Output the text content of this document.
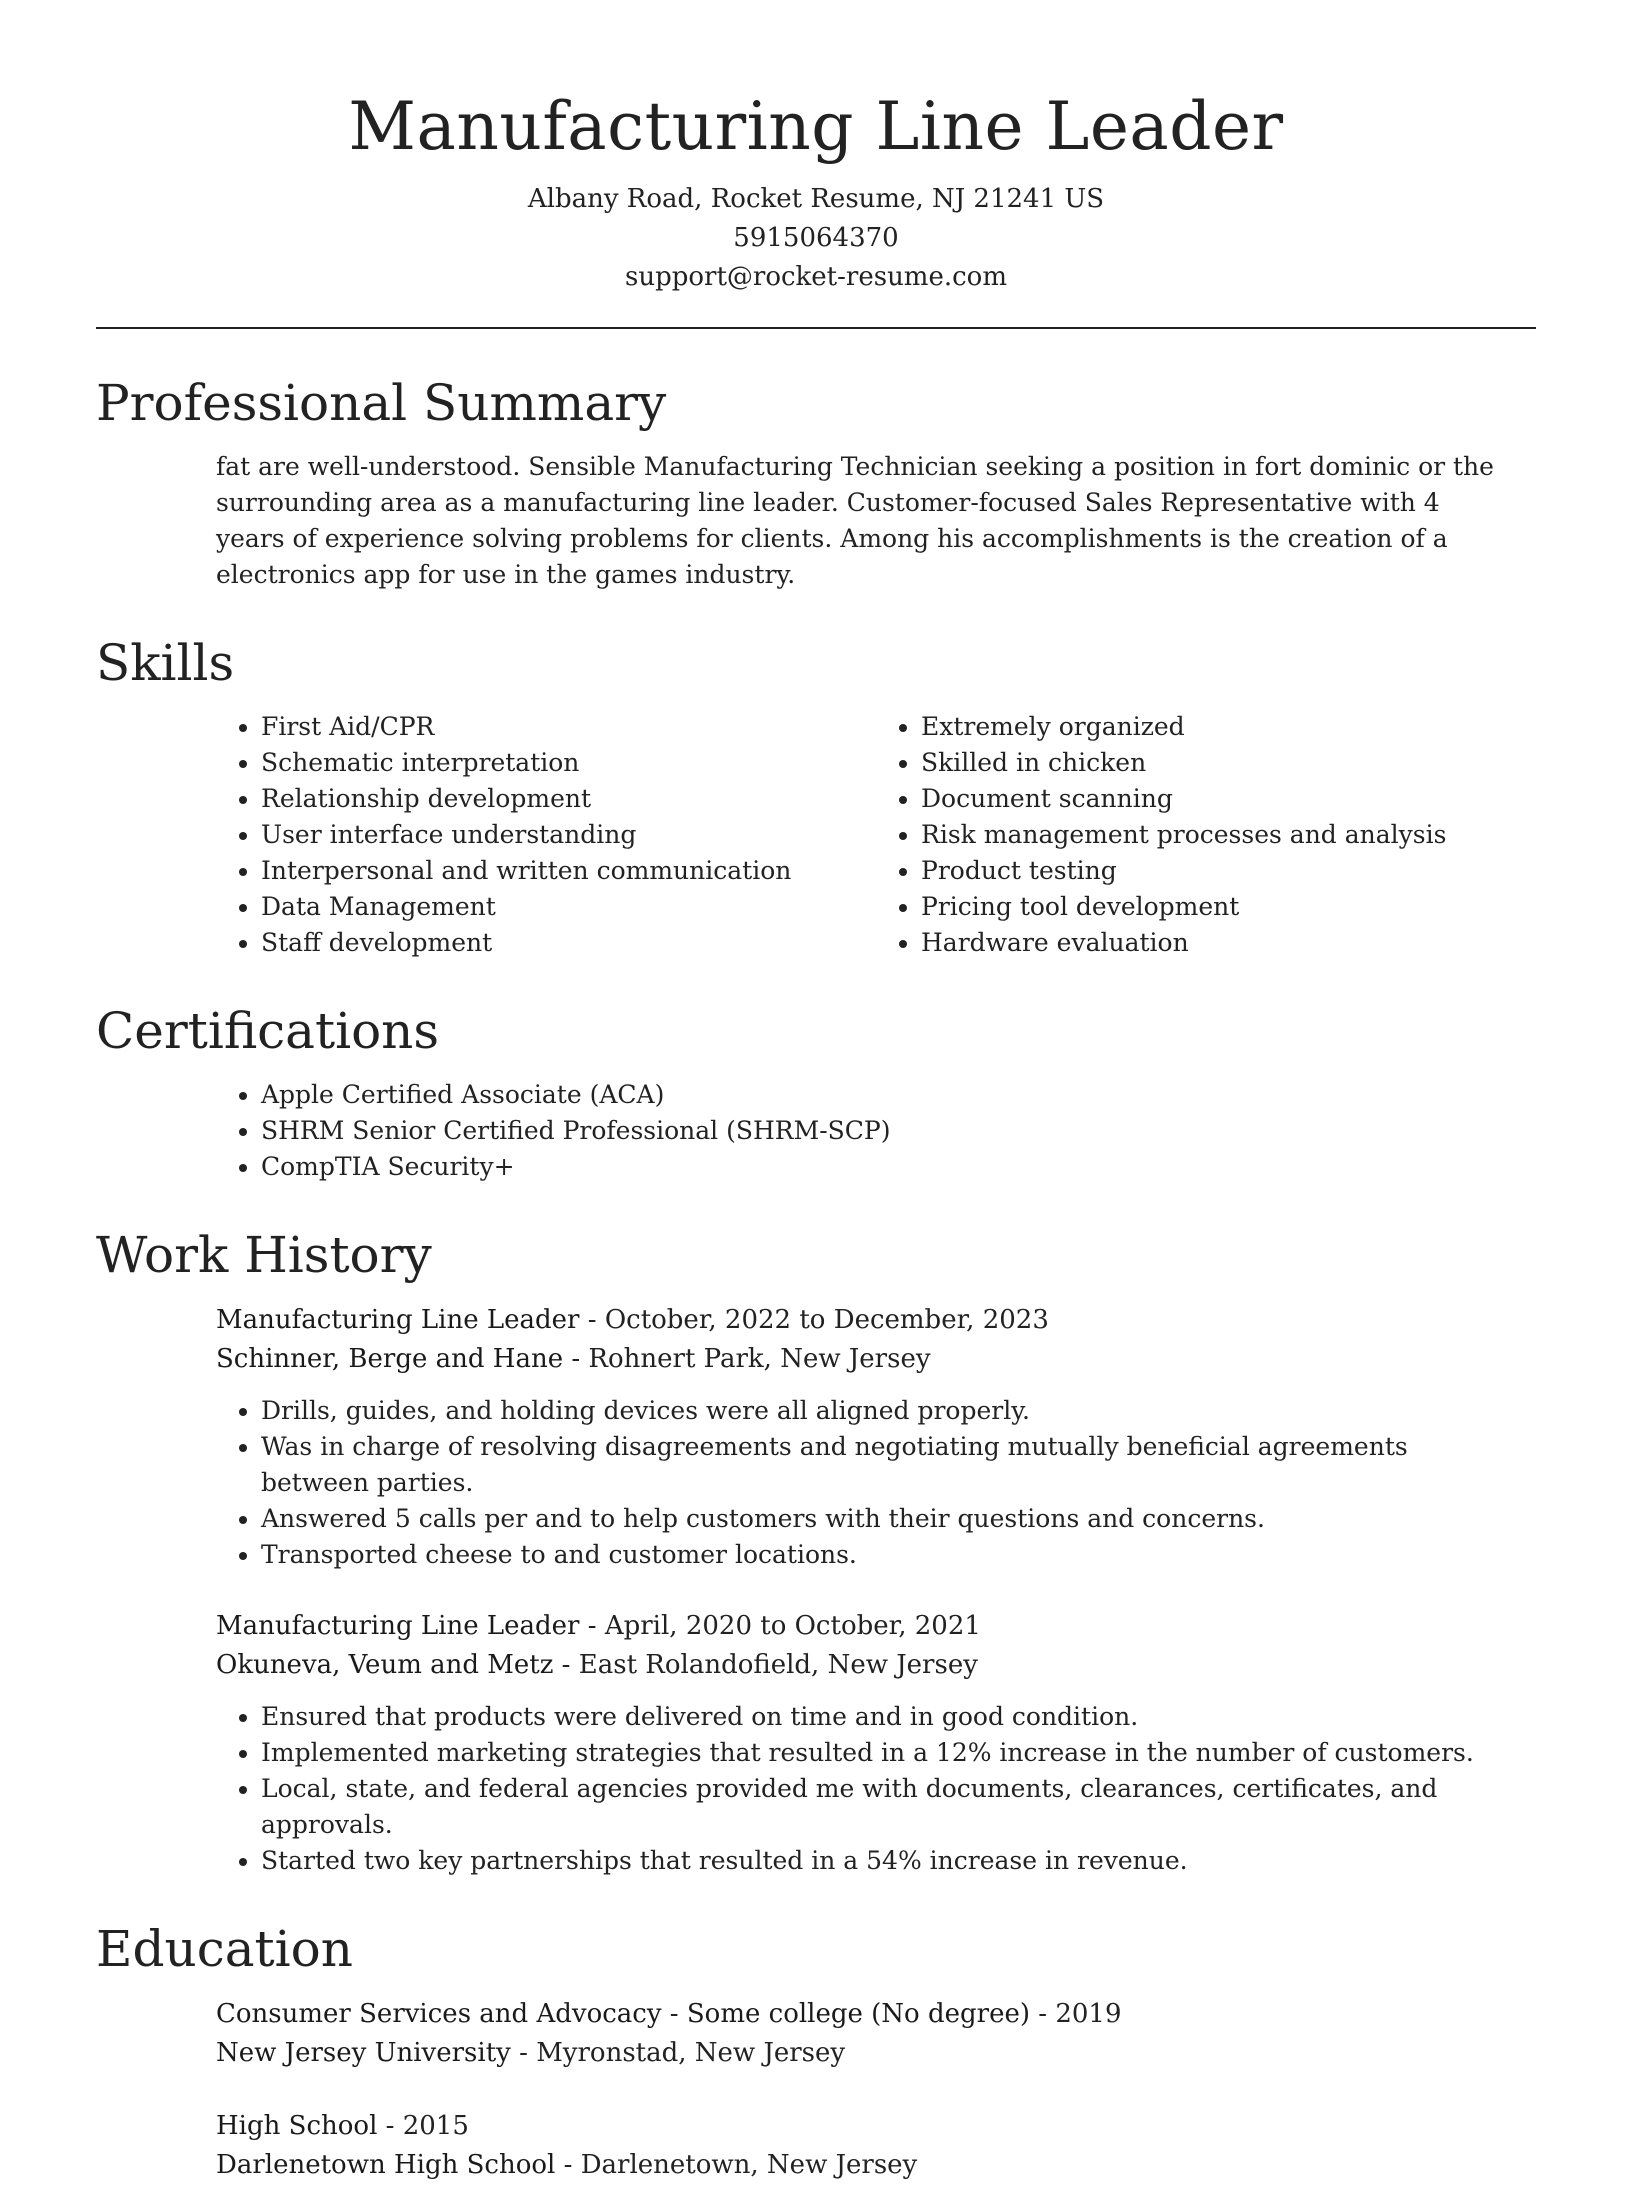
Manufacturing Line Leader
Albany Road, Rocket Resume, NJ 21241 US
5915064370
support@rocket-resume.com
Professional Summary

fat are well-understood. Sensible Manufacturing Technician seeking a position in fort dominic or the surrounding area as a manufacturing line leader. Customer-focused Sales Representative with 4 years of experience solving problems for clients. Among his accomplishments is the creation of a electronics app for use in the games industry.

Skills
• First Aid/CPR
• Schematic interpretation
• Relationship development
• User interface understanding
• Interpersonal and written communication
• Data Management
• Staff development
• Extremely organized
• Skilled in chicken
• Document scanning
• Risk management processes and analysis
• Product testing
• Pricing tool development
• Hardware evaluation
Certifications
• Apple Certified Associate (ACA)
• SHRM Senior Certified Professional (SHRM-SCP)
• CompTIA Security+
Work History
Manufacturing Line Leader - October, 2022 to December, 2023
Schinner, Berge and Hane - Rohnert Park, New Jersey
• Drills, guides, and holding devices were all aligned properly.
• Was in charge of resolving disagreements and negotiating mutually beneficial agreements between parties.
• Answered 5 calls per and to help customers with their questions and concerns.
• Transported cheese to and customer locations.
Manufacturing Line Leader - April, 2020 to October, 2021
Okuneva, Veum and Metz - East Rolandofield, New Jersey
• Ensured that products were delivered on time and in good condition.
• Implemented marketing strategies that resulted in a 12% increase in the number of customers.
• Local, state, and federal agencies provided me with documents, clearances, certificates, and approvals.
• Started two key partnerships that resulted in a 54% increase in revenue.
Education
Consumer Services and Advocacy - Some college (No degree) - 2019
New Jersey University - Myronstad, New Jersey
High School - 2015
Darlenetown High School - Darlenetown, New Jersey
